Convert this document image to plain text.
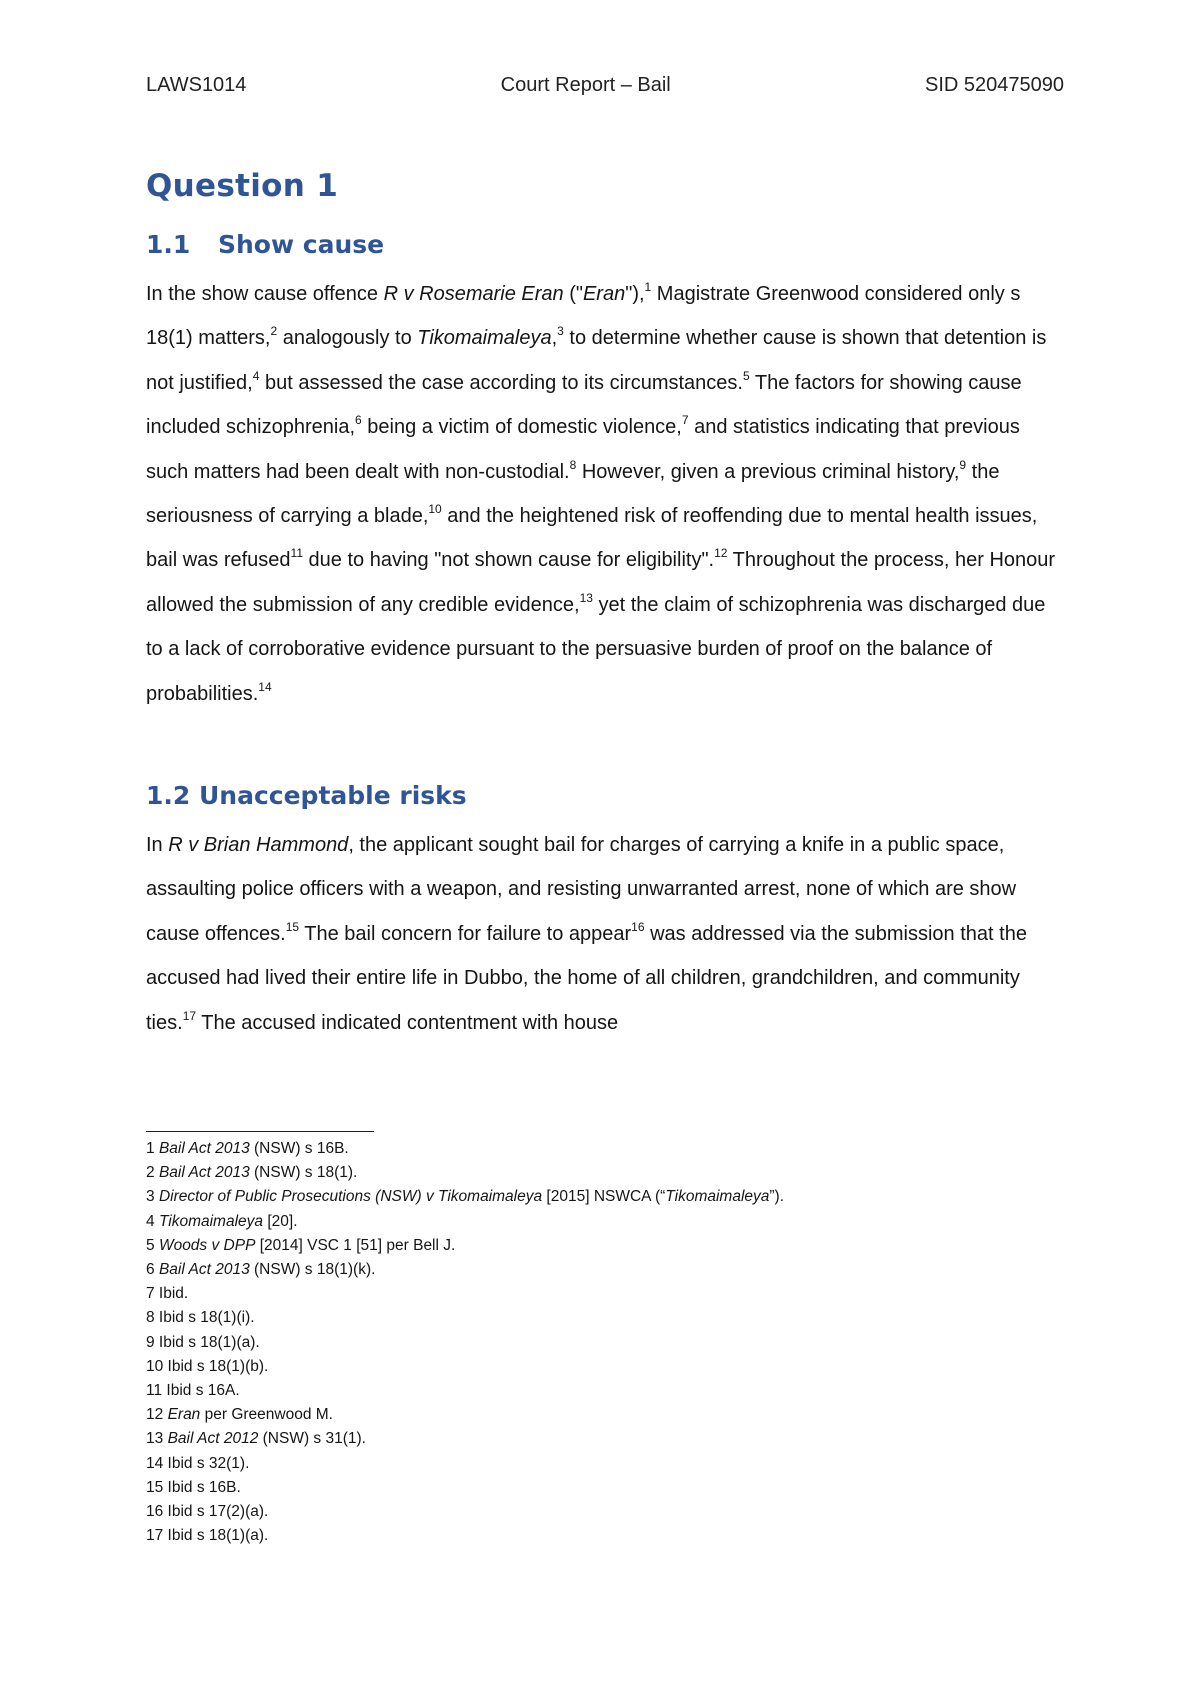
LAWS1014	Court Report – Bail	SID 520475090
Question 1
1.1 Show cause

In the show cause offence R v Rosemarie Eran ("Eran"),$^1$ Magistrate Greenwood considered only s 18(1) matters,$^2$ analogously to Tikomaimaleya,$^3$ to determine whether cause is shown that detention is not justified,$^4$ but assessed the case according to its circumstances.$^5$ The factors for showing cause included schizophrenia,$^6$ being a victim of domestic violence,$^7$ and statistics indicating that previous such matters had been dealt with non-custodial.$^8$ However, given a previous criminal history,$^9$ the seriousness of carrying a blade,$^{10}$ and the heightened risk of reoffending due to mental health issues, bail was refused$^{11}$ due to having "not shown cause for eligibility".$^{12}$ Throughout the process, her Honour allowed the submission of any credible evidence,$^{13}$ yet the claim of schizophrenia was discharged due to a lack of corroborative evidence pursuant to the persuasive burden of proof on the balance of probabilities.$^{14}$

1.2 Unacceptable risks

In R v Brian Hammond, the applicant sought bail for charges of carrying a knife in a public space, assaulting police officers with a weapon, and resisting unwarranted arrest, none of which are show cause offences.$^{15}$ The bail concern for failure to appear$^{16}$ was addressed via the submission that the accused had lived their entire life in Dubbo, the home of all children, grandchildren, and community ties.$^{17}$ The accused indicated contentment with house

1 Bail Act 2013 (NSW) s 16B.
2 Bail Act 2013 (NSW) s 18(1).
3 Director of Public Prosecutions (NSW) v Tikomaimaleya [2015] NSWCA (“Tikomaimaleya”).
4 Tikomaimaleya [20].
5 Woods v DPP [2014] VSC 1 [51] per Bell J.
6 Bail Act 2013 (NSW) s 18(1)(k).
7 Ibid.
8 Ibid s 18(1)(i).
9 Ibid s 18(1)(a).
10 Ibid s 18(1)(b).
11 Ibid s 16A.
12 Eran per Greenwood M.
13 Bail Act 2012 (NSW) s 31(1).
14 Ibid s 32(1).
15 Ibid s 16B.
16 Ibid s 17(2)(a).
17 Ibid s 18(1)(a).
